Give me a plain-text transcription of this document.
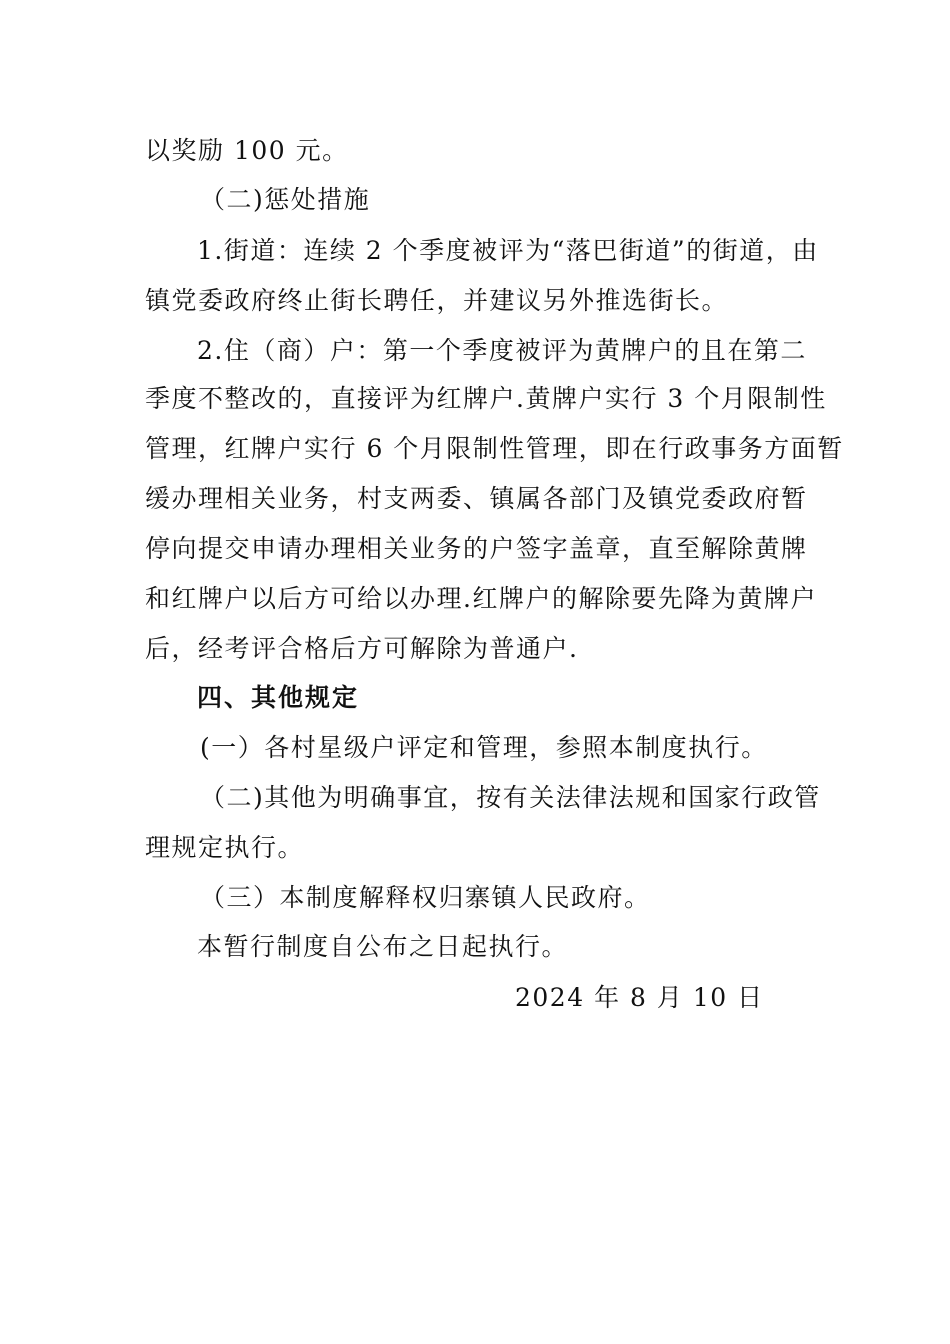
以奖励 100 元。
（二)惩处措施
1.街道：连续 2 个季度被评为“落巴街道”的街道，由
镇党委政府终止街长聘任，并建议另外推选街长。
2.住（商）户：第一个季度被评为黄牌户的且在第二
季度不整改的，直接评为红牌户.黄牌户实行 3 个月限制性
管理，红牌户实行 6 个月限制性管理，即在行政事务方面暂
缓办理相关业务，村支两委、镇属各部门及镇党委政府暂
停向提交申请办理相关业务的户签字盖章，直至解除黄牌
和红牌户以后方可给以办理.红牌户的解除要先降为黄牌户
后，经考评合格后方可解除为普通户.
四、其他规定
(一）各村星级户评定和管理，参照本制度执行。
（二)其他为明确事宜，按有关法律法规和国家行政管
理规定执行。
（三）本制度解释权归寨镇人民政府。
本暂行制度自公布之日起执行。
2024 年 8 月 10 日
